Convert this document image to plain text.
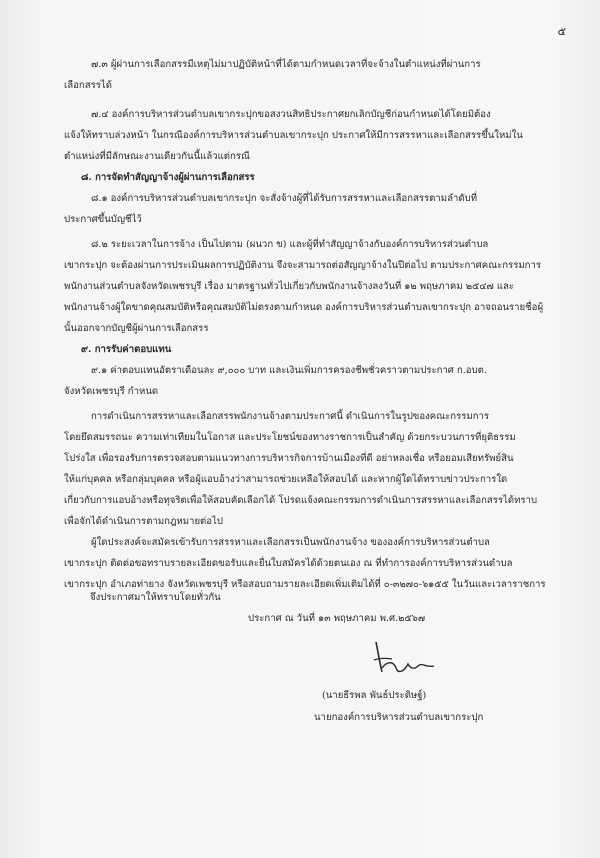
๕

๗.๓ ผู้ผ่านการเลือกสรรมีเหตุไม่มาปฏิบัติหน้าที่ได้ตามกำหนดเวลาที่จะจ้างในตำแหน่งที่ผ่านการ

เลือกสรรได้

๗.๔ องค์การบริหารส่วนตำบลเขากระปุกขอสงวนสิทธิประกาศยกเลิกบัญชีก่อนกำหนดได้โดยมิต้อง

แจ้งให้ทราบล่วงหน้า ในกรณีองค์การบริหารส่วนตำบลเขากระปุก ประกาศให้มีการสรรหาและเลือกสรรขึ้นใหม่ใน

ตำแหน่งที่มีลักษณะงานเดียวกันนี้แล้วแต่กรณี

๘. การจัดทำสัญญาจ้างผู้ผ่านการเลือกสรร

๘.๑ องค์การบริหารส่วนตำบลเขากระปุก จะสั่งจ้างผู้ที่ได้รับการสรรหาและเลือกสรรตามลำดับที่

ประกาศขึ้นบัญชีไว้

๘.๒ ระยะเวลาในการจ้าง เป็นไปตาม (ผนวก ข) และผู้ที่ทำสัญญาจ้างกับองค์การบริหารส่วนตำบล

เขากระปุก จะต้องผ่านการประเมินผลการปฏิบัติงาน จึงจะสามารถต่อสัญญาจ้างในปีต่อไป ตามประกาศคณะกรรมการ

พนักงานส่วนตำบลจังหวัดเพชรบุรี เรื่อง มาตรฐานทั่วไปเกี่ยวกับพนักงานจ้างลงวันที่ ๑๒ พฤษภาคม ๒๕๔๗ และ

พนักงานจ้างผู้ใดขาดคุณสมบัติหรือคุณสมบัติไม่ตรงตามกำหนด องค์การบริหารส่วนตำบลเขากระปุก อาจถอนรายชื่อผู้

นั้นออกจากบัญชีผู้ผ่านการเลือกสรร

๙. การรับค่าตอบแทน

๙.๑ ค่าตอบแทนอัตราเดือนละ ๙,๐๐๐ บาท และเงินเพิ่มการครองชีพชั่วคราวตามประกาศ ก.อบต.

จังหวัดเพชรบุรี กำหนด

การดำเนินการสรรหาและเลือกสรรพนักงานจ้างตามประกาศนี้ ดำเนินการในรูปของคณะกรรมการ

โดยยึดสมรรถนะ ความเท่าเทียมในโอกาส และประโยชน์ของทางราชการเป็นสำคัญ ด้วยกระบวนการที่ยุติธรรม

โปร่งใส เพื่อรองรับการตรวจสอบตามแนวทางการบริหารกิจการบ้านเมืองที่ดี อย่าหลงเชื่อ หรือยอมเสียทรัพย์สิน

ให้แก่บุคคล หรือกลุ่มบุคคล หรือผู้แอบอ้างว่าสามารถช่วยเหลือให้สอบได้ และหากผู้ใดได้ทราบข่าวประการใด

เกี่ยวกับการแอบอ้างหรือทุจริตเพื่อให้สอบคัดเลือกได้ โปรดแจ้งคณะกรรมการดำเนินการสรรหาและเลือกสรรได้ทราบ

เพื่อจักได้ดำเนินการตามกฎหมายต่อไป

ผู้ใดประสงค์จะสมัครเข้ารับการสรรหาและเลือกสรรเป็นพนักงานจ้าง ขององค์การบริหารส่วนตำบล

เขากระปุก ติดต่อขอทราบรายละเอียดขอรับและยื่นใบสมัครได้ด้วยตนเอง ณ ที่ทำการองค์การบริหารส่วนตำบล

เขากระปุก อำเภอท่ายาง จังหวัดเพชรบุรี หรือสอบถามรายละเอียดเพิ่มเติมได้ที่ ๐-๓๒๗๐-๖๑๕๕ ในวันและเวลาราชการ

จึงประกาศมาให้ทราบโดยทั่วกัน
ประกาศ ณ วันที่ ๑๓ พฤษภาคม พ.ศ.๒๕๖๗
(นายธีรพล พันธ์ประดิษฐ์)
นายกองค์การบริหารส่วนตำบลเขากระปุก
